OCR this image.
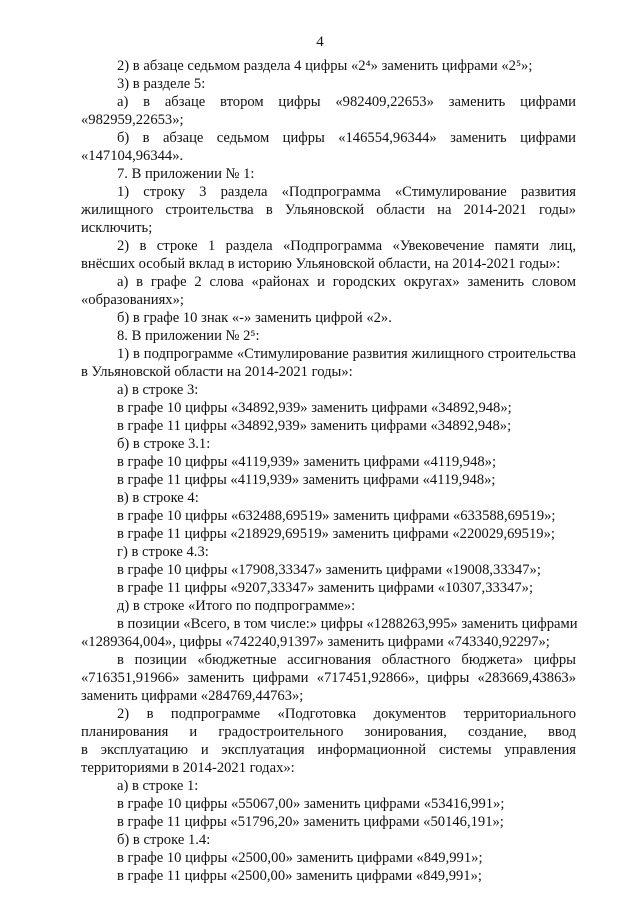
4
2) в абзаце седьмом раздела 4 цифры «2⁴» заменить цифрами «2⁵»;
3) в разделе 5:
а) в абзаце втором цифры «982409,22653» заменить цифрами
«982959,22653»;
б) в абзаце седьмом цифры «146554,96344» заменить цифрами
«147104,96344».
7. В приложении № 1:
1) строку 3 раздела «Подпрограмма «Стимулирование развития
жилищного строительства в Ульяновской области на 2014-2021 годы»
исключить;
2) в строке 1 раздела «Подпрограмма «Увековечение памяти лиц,
внёсших особый вклад в историю Ульяновской области, на 2014-2021 годы»:
а) в графе 2 слова «районах и городских округах» заменить словом
«образованиях»;
б) в графе 10 знак «-» заменить цифрой «2».
8. В приложении № 2⁵:
1) в подпрограмме «Стимулирование развития жилищного строительства
в Ульяновской области на 2014-2021 годы»:
а) в строке 3:
в графе 10 цифры «34892,939» заменить цифрами «34892,948»;
в графе 11 цифры «34892,939» заменить цифрами «34892,948»;
б) в строке 3.1:
в графе 10 цифры «4119,939» заменить цифрами «4119,948»;
в графе 11 цифры «4119,939» заменить цифрами «4119,948»;
в) в строке 4:
в графе 10 цифры «632488,69519» заменить цифрами «633588,69519»;
в графе 11 цифры «218929,69519» заменить цифрами «220029,69519»;
г) в строке 4.3:
в графе 10 цифры «17908,33347» заменить цифрами «19008,33347»;
в графе 11 цифры «9207,33347» заменить цифрами «10307,33347»;
д) в строке «Итого по подпрограмме»:
в позиции «Всего, в том числе:» цифры «1288263,995» заменить цифрами
«1289364,004», цифры «742240,91397» заменить цифрами «743340,92297»;
в позиции «бюджетные ассигнования областного бюджета» цифры
«716351,91966» заменить цифрами «717451,92866», цифры «283669,43863»
заменить цифрами «284769,44763»;
2) в подпрограмме «Подготовка документов территориального
планирования и градостроительного зонирования, создание, ввод
в эксплуатацию и эксплуатация информационной системы управления
территориями в 2014-2021 годах»:
а) в строке 1:
в графе 10 цифры «55067,00» заменить цифрами «53416,991»;
в графе 11 цифры «51796,20» заменить цифрами «50146,191»;
б) в строке 1.4:
в графе 10 цифры «2500,00» заменить цифрами «849,991»;
в графе 11 цифры «2500,00» заменить цифрами «849,991»;
